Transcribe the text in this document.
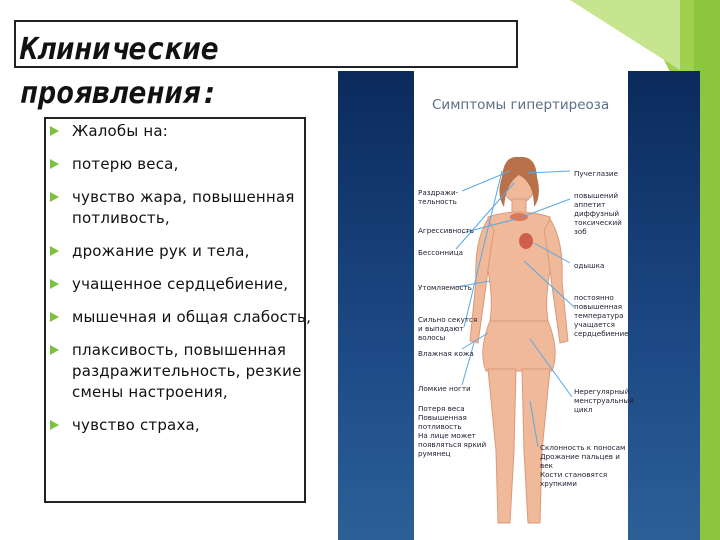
Клинические
проявления:
Жалобы на:
потерю веса,
чувство жара, повышенная потливость,
дрожание рук и тела,
учащенное сердцебиение,
мышечная и общая слабость,
плаксивость, повышенная раздражительность, резкие смены настроения,
чувство страха,
Симптомы гипертиреоза
Раздражи-
тельность
Агрессивность
Бессонница
Утомляемость
Сильно секутся
и выпадают
волосы
Влажная кожа
Ломкие ногти
Потеря веса
Повышенная
потливость
На лице может
появляться яркий
румянец
Пучеглазие
повышений
аппетит
диффузный
токсический
зоб
одышка
постоянно
повышенная
температура
учащается
сердцебиение
Нерегулярный
менструальный
цикл
Склонность к поносам
Дрожание пальцев и
век
Кости становятся
хрупкими
